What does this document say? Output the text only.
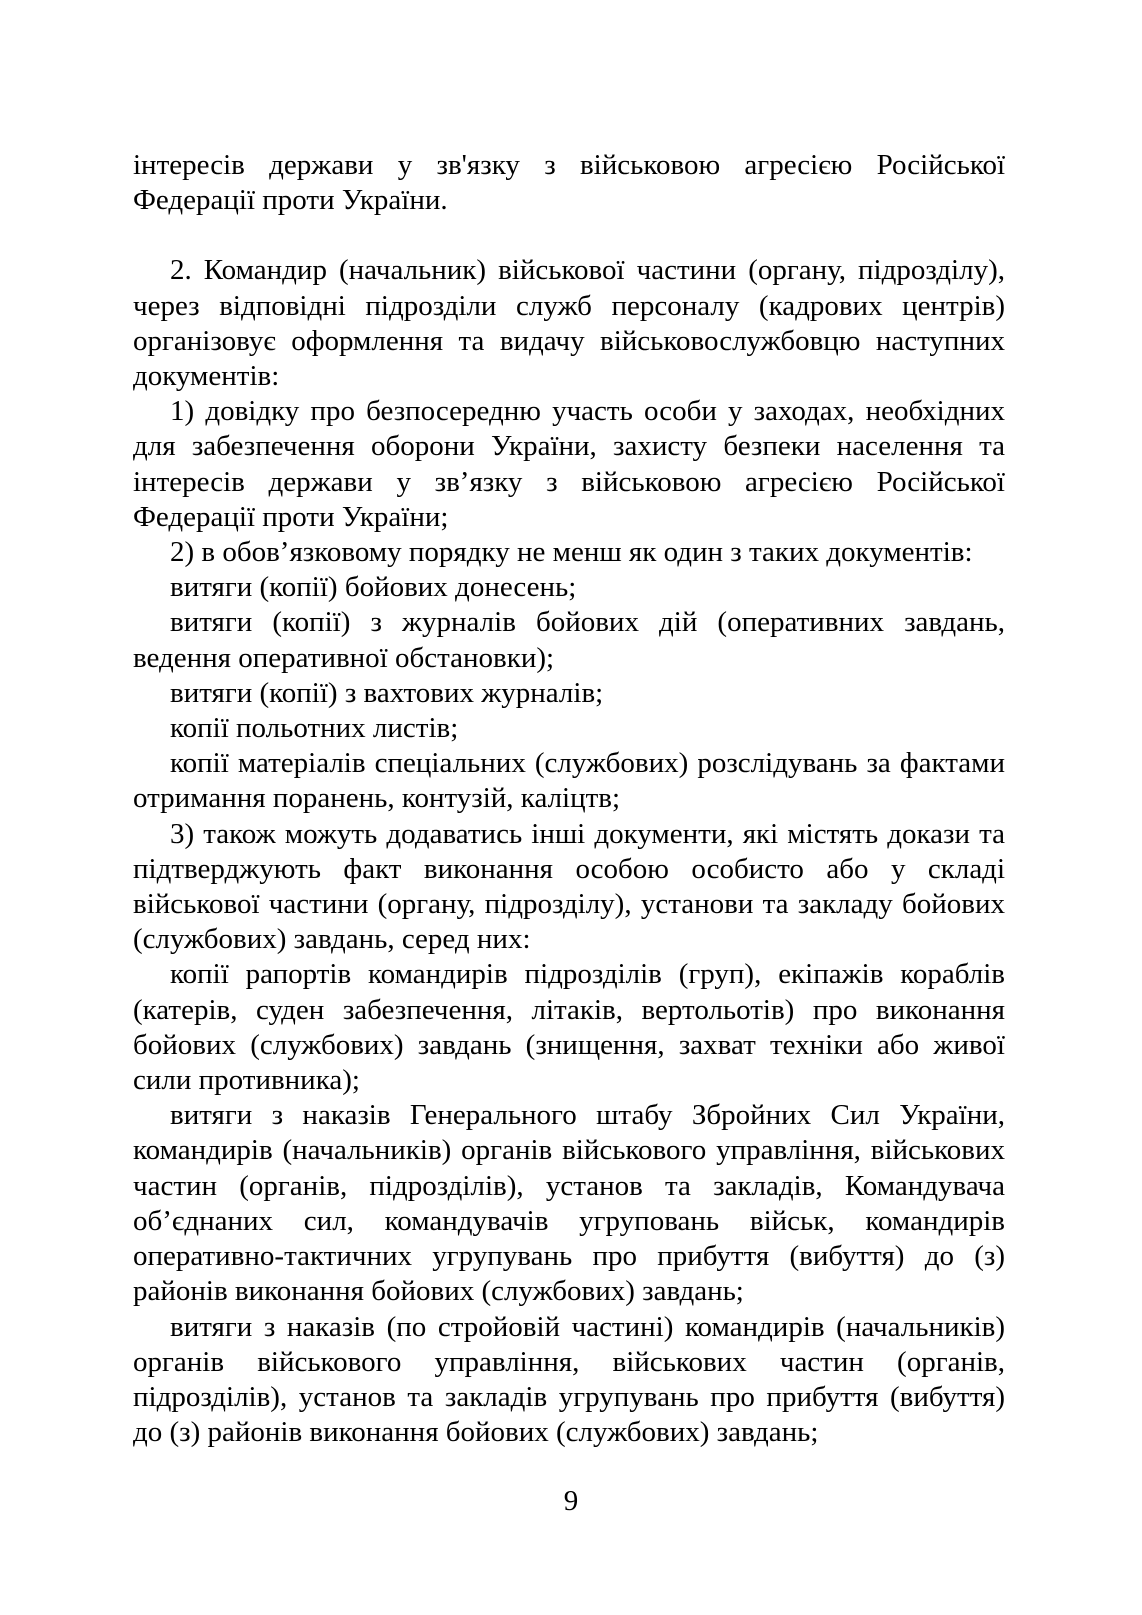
інтересів держави у зв'язку з військовою агресією Російської Федерації проти України.

2. Командир (начальник) військової частини (органу, підрозділу), через відповідні підрозділи служб персоналу (кадрових центрів) організовує оформлення та видачу військовослужбовцю наступних документів:

1) довідку про безпосередню участь особи у заходах, необхідних для забезпечення оборони України, захисту безпеки населення та інтересів держави у зв’язку з військовою агресією Російської Федерації проти України;

2) в обов’язковому порядку не менш як один з таких документів:

витяги (копії) бойових донесень;

витяги (копії) з журналів бойових дій (оперативних завдань, ведення оперативної обстановки);

витяги (копії) з вахтових журналів;

копії польотних листів;

копії матеріалів спеціальних (службових) розслідувань за фактами отримання поранень, контузій, каліцтв;

3) також можуть додаватись інші документи, які містять докази та підтверджують факт виконання особою особисто або у складі військової частини (органу, підрозділу), установи та закладу бойових (службових) завдань, серед них:

копії рапортів командирів підрозділів (груп), екіпажів кораблів (катерів, суден забезпечення, літаків, вертольотів) про виконання бойових (службових) завдань (знищення, захват техніки або живої сили противника);

витяги з наказів Генерального штабу Збройних Сил України, командирів (начальників) органів військового управління, військових частин (органів, підрозділів), установ та закладів, Командувача об’єднаних сил, командувачів угруповань військ, командирів оперативно-тактичних угрупувань про прибуття (вибуття) до (з) районів виконання бойових (службових) завдань;

витяги з наказів (по стройовій частині) командирів (начальників) органів військового управління, військових частин (органів, підрозділів), установ та закладів угрупувань про прибуття (вибуття) до (з) районів виконання бойових (службових) завдань;

9
